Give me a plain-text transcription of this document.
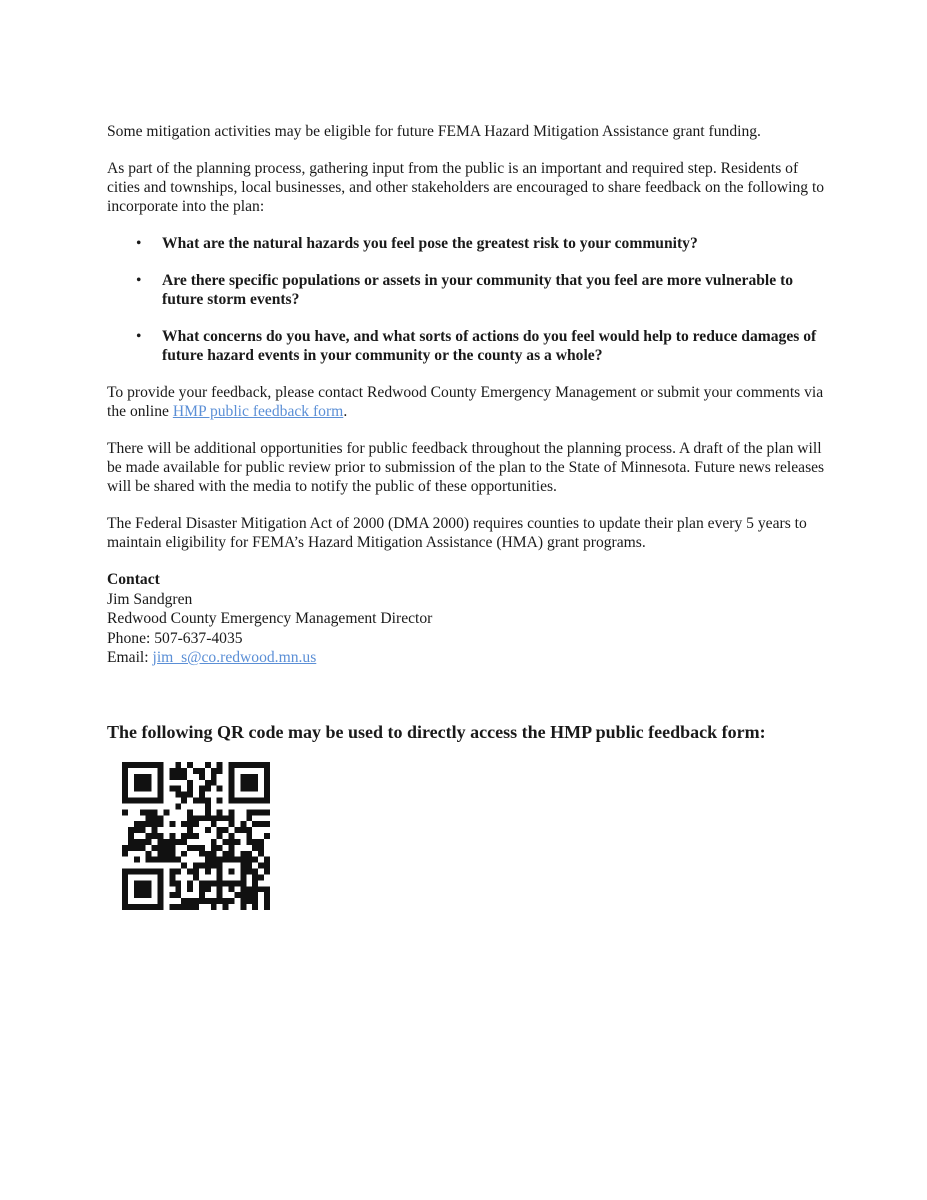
Some mitigation activities may be eligible for future FEMA Hazard Mitigation Assistance grant funding.

As part of the planning process, gathering input from the public is an important and required step. Residents of cities and townships, local businesses, and other stakeholders are encouraged to share feedback on the following to incorporate into the plan:

• What are the natural hazards you feel pose the greatest risk to your community?
• Are there specific populations or assets in your community that you feel are more vulnerable to future storm events?
• What concerns do you have, and what sorts of actions do you feel would help to reduce damages of future hazard events in your community or the county as a whole?

To provide your feedback, please contact Redwood County Emergency Management or submit your comments via the online HMP public feedback form.

There will be additional opportunities for public feedback throughout the planning process. A draft of the plan will be made available for public review prior to submission of the plan to the State of Minnesota. Future news releases will be shared with the media to notify the public of these opportunities.

The Federal Disaster Mitigation Act of 2000 (DMA 2000) requires counties to update their plan every 5 years to maintain eligibility for FEMA’s Hazard Mitigation Assistance (HMA) grant programs.

Contact
Jim Sandgren
Redwood County Emergency Management Director
Phone: 507-637-4035
Email: jim_s@co.redwood.mn.us
The following QR code may be used to directly access the HMP public feedback form:
